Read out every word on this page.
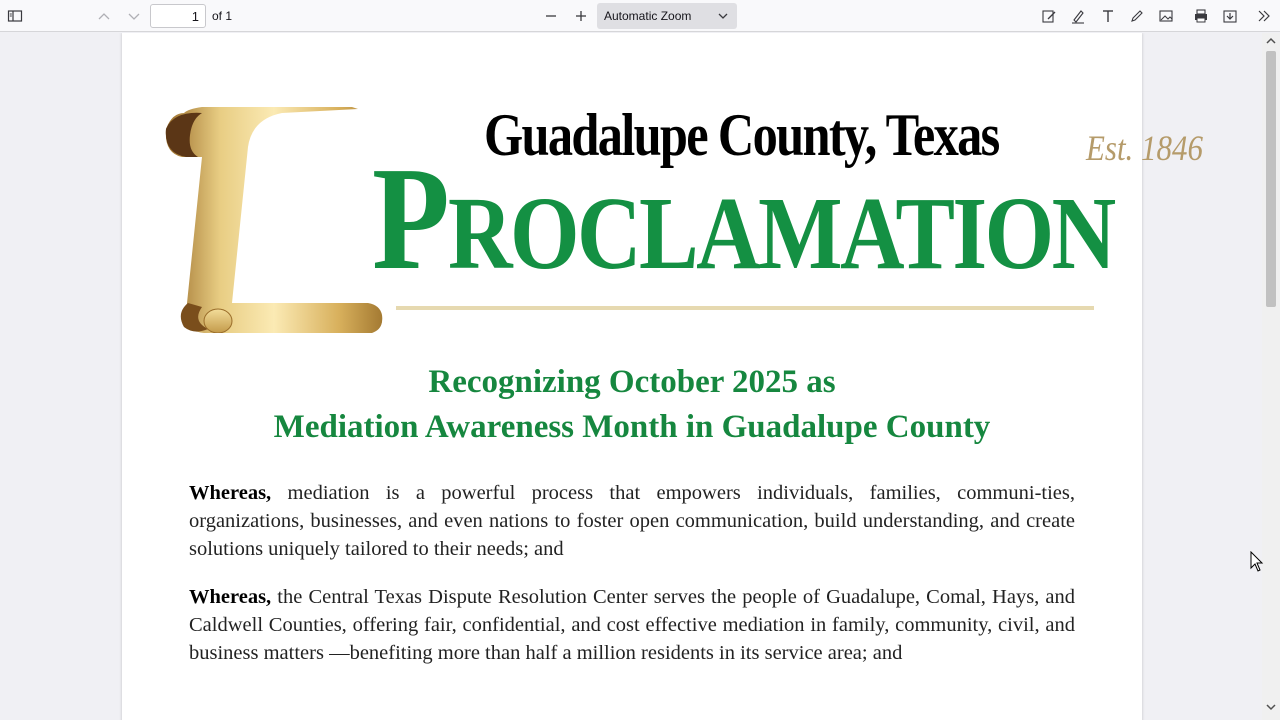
1
of 1	Automatic Zoom
Guadalupe County, Texas Est. 1846
PROCLAMATION
Recognizing October 2025 as
Mediation Awareness Month in Guadalupe County
Whereas, mediation is a powerful process that empowers individuals, families, communi-ties, organizations, businesses, and even nations to foster open communication, build understanding, and create solutions uniquely tailored to their needs; and
Whereas, the Central Texas Dispute Resolution Center serves the people of Guadalupe, Comal, Hays, and Caldwell Counties, offering fair, confidential, and cost effective mediation in family, community, civil, and business matters —benefiting more than half a million residents in its service area; and
